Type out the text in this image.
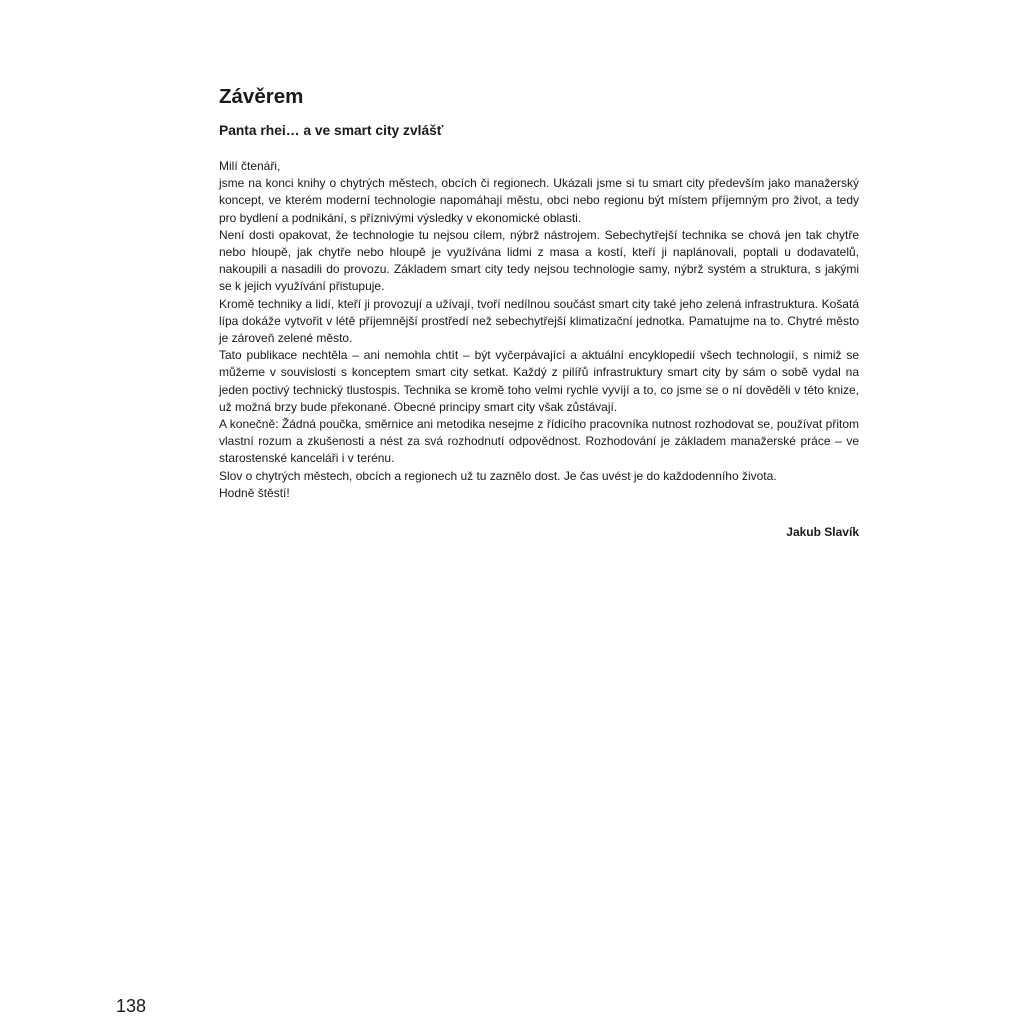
Závěrem
Panta rhei… a ve smart city zvlášť

Milí čtenáři,

jsme na konci knihy o chytrých městech, obcích či regionech. Ukázali jsme si tu smart city především jako manažerský koncept, ve kterém moderní technologie napomáhají městu, obci nebo regionu být místem příjemným pro život, a tedy pro bydlení a podnikání, s příznivými výsledky v ekonomické oblasti.

Není dosti opakovat, že technologie tu nejsou cílem, nýbrž nástrojem. Sebechytřejší technika se chová jen tak chytře nebo hloupě, jak chytře nebo hloupě je využívána lidmi z masa a kostí, kteří ji naplánovali, poptali u dodavatelů, nakoupili a nasadili do provozu. Základem smart city tedy nejsou technologie samy, nýbrž systém a struktura, s jakými se k jejich využívání přistupuje.

Kromě techniky a lidí, kteří ji provozují a užívají, tvoří nedílnou součást smart city také jeho zelená infrastruktura. Košatá lípa dokáže vytvořit v létě příjemnější prostředí než sebechytřejší klimatizační jednotka. Pamatujme na to. Chytré město je zároveň zelené město.

Tato publikace nechtěla – ani nemohla chtít – být vyčerpávající a aktuální encyklopedií všech technologií, s nimiž se můžeme v souvislosti s konceptem smart city setkat. Každý z pilířů infrastruktury smart city by sám o sobě vydal na jeden poctivý technický tlustospis. Technika se kromě toho velmi rychle vyvíjí a to, co jsme se o ní dověděli v této knize, už možná brzy bude překonané. Obecné principy smart city však zůstávají.

A konečně: Žádná poučka, směrnice ani metodika nesejme z řídicího pracovníka nutnost rozhodovat se, používat přitom vlastní rozum a zkušenosti a nést za svá rozhodnutí odpovědnost. Rozhodování je základem manažerské práce – ve starostenské kanceláři i v terénu.

Slov o chytrých městech, obcích a regionech už tu zaznělo dost. Je čas uvést je do každodenního života.

Hodně štěstí!

Jakub Slavík
138
